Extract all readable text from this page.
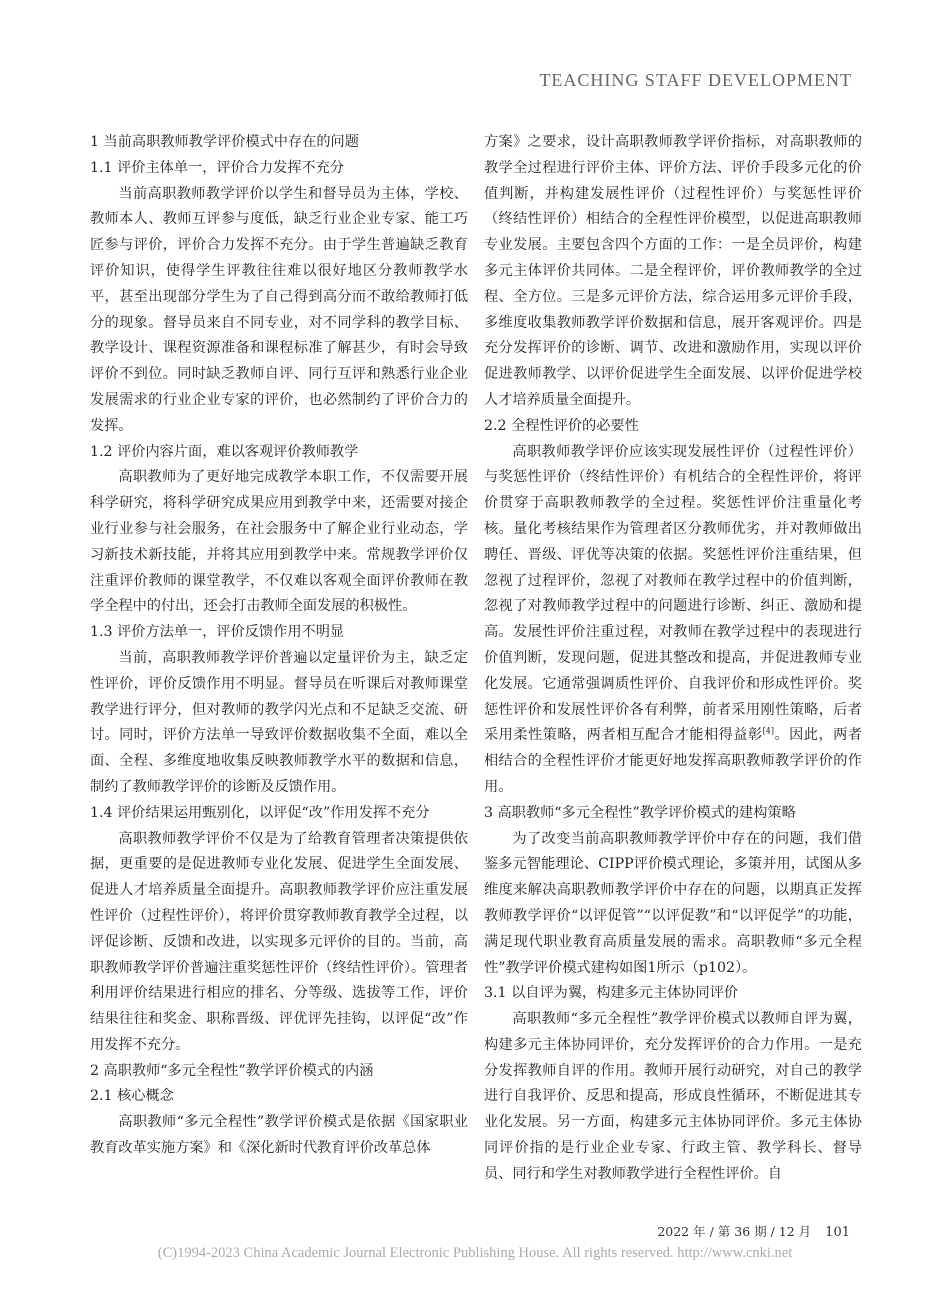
TEACHING STAFF DEVELOPMENT
1 当前高职教师教学评价模式中存在的问题
1.1 评价主体单一，评价合力发挥不充分

当前高职教师教学评价以学生和督导员为主体，学校、教师本人、教师互评参与度低，缺乏行业企业专家、能工巧匠参与评价，评价合力发挥不充分。由于学生普遍缺乏教育评价知识，使得学生评教往往难以很好地区分教师教学水平，甚至出现部分学生为了自己得到高分而不敢给教师打低分的现象。督导员来自不同专业，对不同学科的教学目标、教学设计、课程资源准备和课程标准了解甚少，有时会导致评价不到位。同时缺乏教师自评、同行互评和熟悉行业企业发展需求的行业企业专家的评价，也必然制约了评价合力的发挥。

1.2 评价内容片面，难以客观评价教师教学

高职教师为了更好地完成教学本职工作，不仅需要开展科学研究，将科学研究成果应用到教学中来，还需要对接企业行业参与社会服务，在社会服务中了解企业行业动态，学习新技术新技能，并将其应用到教学中来。常规教学评价仅注重评价教师的课堂教学，不仅难以客观全面评价教师在教学全程中的付出，还会打击教师全面发展的积极性。

1.3 评价方法单一，评价反馈作用不明显

当前，高职教师教学评价普遍以定量评价为主，缺乏定性评价，评价反馈作用不明显。督导员在听课后对教师课堂教学进行评分，但对教师的教学闪光点和不足缺乏交流、研讨。同时，评价方法单一导致评价数据收集不全面，难以全面、全程、多维度地收集反映教师教学水平的数据和信息，制约了教师教学评价的诊断及反馈作用。

1.4 评价结果运用甄别化，以评促“改”作用发挥不充分

高职教师教学评价不仅是为了给教育管理者决策提供依据，更重要的是促进教师专业化发展、促进学生全面发展、促进人才培养质量全面提升。高职教师教学评价应注重发展性评价（过程性评价），将评价贯穿教师教育教学全过程，以评促诊断、反馈和改进，以实现多元评价的目的。当前，高职教师教学评价普遍注重奖惩性评价（终结性评价）。管理者利用评价结果进行相应的排名、分等级、选拔等工作，评价结果往往和奖金、职称晋级、评优评先挂钩，以评促“改”作用发挥不充分。

2 高职教师“多元全程性”教学评价模式的内涵
2.1 核心概念

高职教师“多元全程性”教学评价模式是依据《国家职业教育改革实施方案》和《深化新时代教育评价改革总体

方案》之要求，设计高职教师教学评价指标，对高职教师的教学全过程进行评价主体、评价方法、评价手段多元化的价值判断，并构建发展性评价（过程性评价）与奖惩性评价（终结性评价）相结合的全程性评价模型，以促进高职教师专业发展。主要包含四个方面的工作：一是全员评价，构建多元主体评价共同体。二是全程评价，评价教师教学的全过程、全方位。三是多元评价方法，综合运用多元评价手段，多维度收集教师教学评价数据和信息，展开客观评价。四是充分发挥评价的诊断、调节、改进和激励作用，实现以评价促进教师教学、以评价促进学生全面发展、以评价促进学校人才培养质量全面提升。

2.2 全程性评价的必要性

高职教师教学评价应该实现发展性评价（过程性评价）与奖惩性评价（终结性评价）有机结合的全程性评价，将评价贯穿于高职教师教学的全过程。奖惩性评价注重量化考核。量化考核结果作为管理者区分教师优劣，并对教师做出聘任、晋级、评优等决策的依据。奖惩性评价注重结果，但忽视了过程评价，忽视了对教师在教学过程中的价值判断，忽视了对教师教学过程中的问题进行诊断、纠正、激励和提高。发展性评价注重过程，对教师在教学过程中的表现进行价值判断，发现问题，促进其整改和提高，并促进教师专业化发展。它通常强调质性评价、自我评价和形成性评价。奖惩性评价和发展性评价各有利弊，前者采用刚性策略，后者采用柔性策略，两者相互配合才能相得益彰[4]。因此，两者相结合的全程性评价才能更好地发挥高职教师教学评价的作用。

3 高职教师“多元全程性”教学评价模式的建构策略

为了改变当前高职教师教学评价中存在的问题，我们借鉴多元智能理论、CIPP评价模式理论，多策并用，试图从多维度来解决高职教师教学评价中存在的问题，以期真正发挥教师教学评价“以评促管”“以评促教”和“以评促学”的功能，满足现代职业教育高质量发展的需求。高职教师“多元全程性”教学评价模式建构如图1所示（p102）。

3.1 以自评为翼，构建多元主体协同评价

高职教师“多元全程性”教学评价模式以教师自评为翼，构建多元主体协同评价，充分发挥评价的合力作用。一是充分发挥教师自评的作用。教师开展行动研究，对自己的教学进行自我评价、反思和提高，形成良性循环，不断促进其专业化发展。另一方面，构建多元主体协同评价。多元主体协同评价指的是行业企业专家、行政主管、教学科长、督导员、同行和学生对教师教学进行全程性评价。自

2022 年 / 第 36 期 / 12 月 101
(C)1994-2023 China Academic Journal Electronic Publishing House. All rights reserved. http://www.cnki.net
